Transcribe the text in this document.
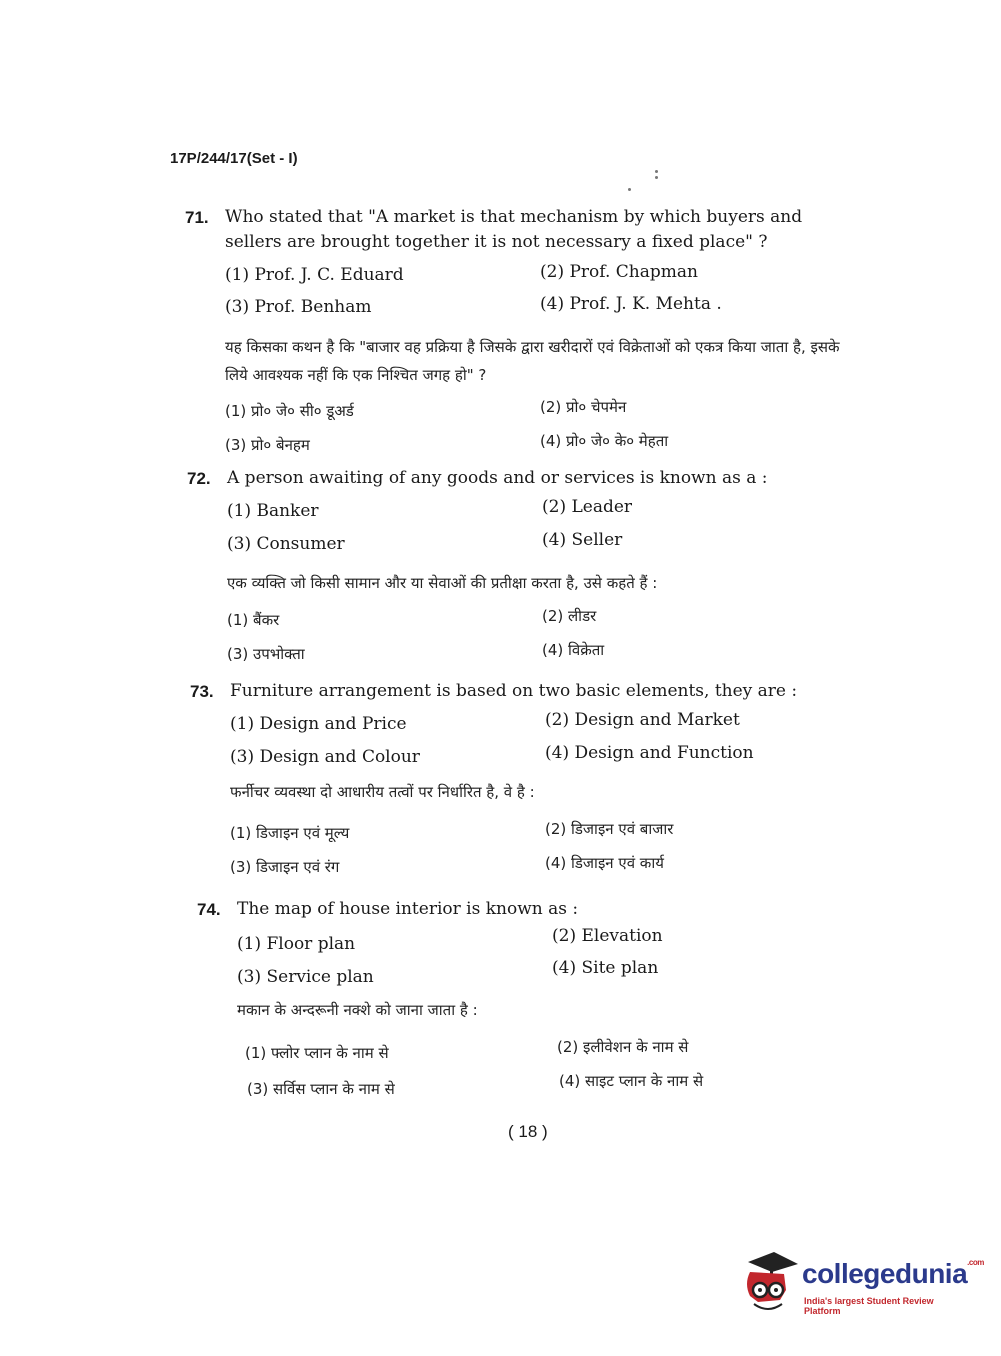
17P/244/17(Set - I)
71. Who stated that "A market is that mechanism by which buyers and sellers are brought together it is not necessary a fixed place" ?
(1) Prof. J. C. Eduard	(2) Prof. Chapman
(3) Prof. Benham	(4) Prof. J. K. Mehta .
यह किसका कथन है कि "बाजार वह प्रक्रिया है जिसके द्वारा खरीदारों एवं विक्रेताओं को एकत्र किया जाता है, इसके लिये आवश्यक नहीं कि एक निश्चित जगह हो" ?
(1) प्रो० जे० सी० डूअर्ड	(2) प्रो० चेपमेन
(3) प्रो० बेनहम	(4) प्रो० जे० के० मेहता
72. A person awaiting of any goods and or services is known as a :
(1) Banker	(2) Leader
(3) Consumer	(4) Seller
एक व्यक्ति जो किसी सामान और या सेवाओं की प्रतीक्षा करता है, उसे कहते हैं :
(1) बैंकर	(2) लीडर
(3) उपभोक्ता	(4) विक्रेता
73. Furniture arrangement is based on two basic elements, they are :
(1) Design and Price	(2) Design and Market
(3) Design and Colour	(4) Design and Function
फर्नीचर व्यवस्था दो आधारीय तत्वों पर निर्धारित है, वे है :
(1) डिजाइन एवं मूल्य	(2) डिजाइन एवं बाजार
(3) डिजाइन एवं रंग	(4) डिजाइन एवं कार्य
74. The map of house interior is known as :
(1) Floor plan	(2) Elevation
(3) Service plan	(4) Site plan
मकान के अन्दरूनी नक्शे को जाना जाता है :
(1) फ्लोर प्लान के नाम से	(2) इलीवेशन के नाम से
(3) सर्विस प्लान के नाम से	(4) साइट प्लान के नाम से
( 18 )
collegedunia$^{.com}$
India's largest Student Review Platform
